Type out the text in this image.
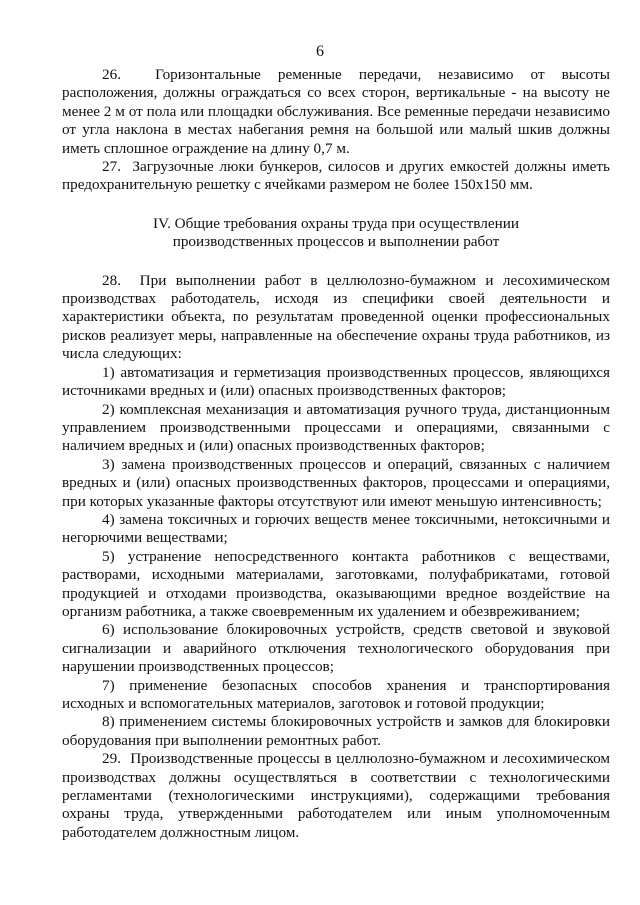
6

26.  Горизонтальные ременные передачи, независимо от высоты расположения, должны ограждаться со всех сторон, вертикальные - на высоту не менее 2 м от пола или площадки обслуживания. Все ременные передачи независимо от угла наклона в местах набегания ремня на большой или малый шкив должны иметь сплошное ограждение на длину 0,7 м.

27.  Загрузочные люки бункеров, силосов и других емкостей должны иметь предохранительную решетку с ячейками размером не более 150x150 мм.

IV. Общие требования охраны труда при осуществлении
производственных процессов и выполнении работ

28.  При выполнении работ в целлюлозно-бумажном и лесохимическом производствах работодатель, исходя из специфики своей деятельности и характеристики объекта, по результатам проведенной оценки профессиональных рисков реализует меры, направленные на обеспечение охраны труда работников, из числа следующих:

1) автоматизация и герметизация производственных процессов, являющихся источниками вредных и (или) опасных производственных факторов;

2) комплексная механизация и автоматизация ручного труда, дистанционным управлением производственными процессами и операциями, связанными с наличием вредных и (или) опасных производственных факторов;

3) замена производственных процессов и операций, связанных с наличием вредных и (или) опасных производственных факторов, процессами и операциями, при которых указанные факторы отсутствуют или имеют меньшую интенсивность;

4) замена токсичных и горючих веществ менее токсичными, нетоксичными и негорючими веществами;

5) устранение непосредственного контакта работников с веществами, растворами, исходными материалами, заготовками, полуфабрикатами, готовой продукцией и отходами производства, оказывающими вредное воздействие на организм работника, а также своевременным их удалением и обезвреживанием;

6) использование блокировочных устройств, средств световой и звуковой сигнализации и аварийного отключения технологического оборудования при нарушении производственных процессов;

7) применение безопасных способов хранения и транспортирования исходных и вспомогательных материалов, заготовок и готовой продукции;

8) применением системы блокировочных устройств и замков для блокировки оборудования при выполнении ремонтных работ.

29.  Производственные процессы в целлюлозно-бумажном и лесохимическом производствах должны осуществляться в соответствии с технологическими регламентами (технологическими инструкциями), содержащими требования охраны труда, утвержденными работодателем или иным уполномоченным работодателем должностным лицом.
